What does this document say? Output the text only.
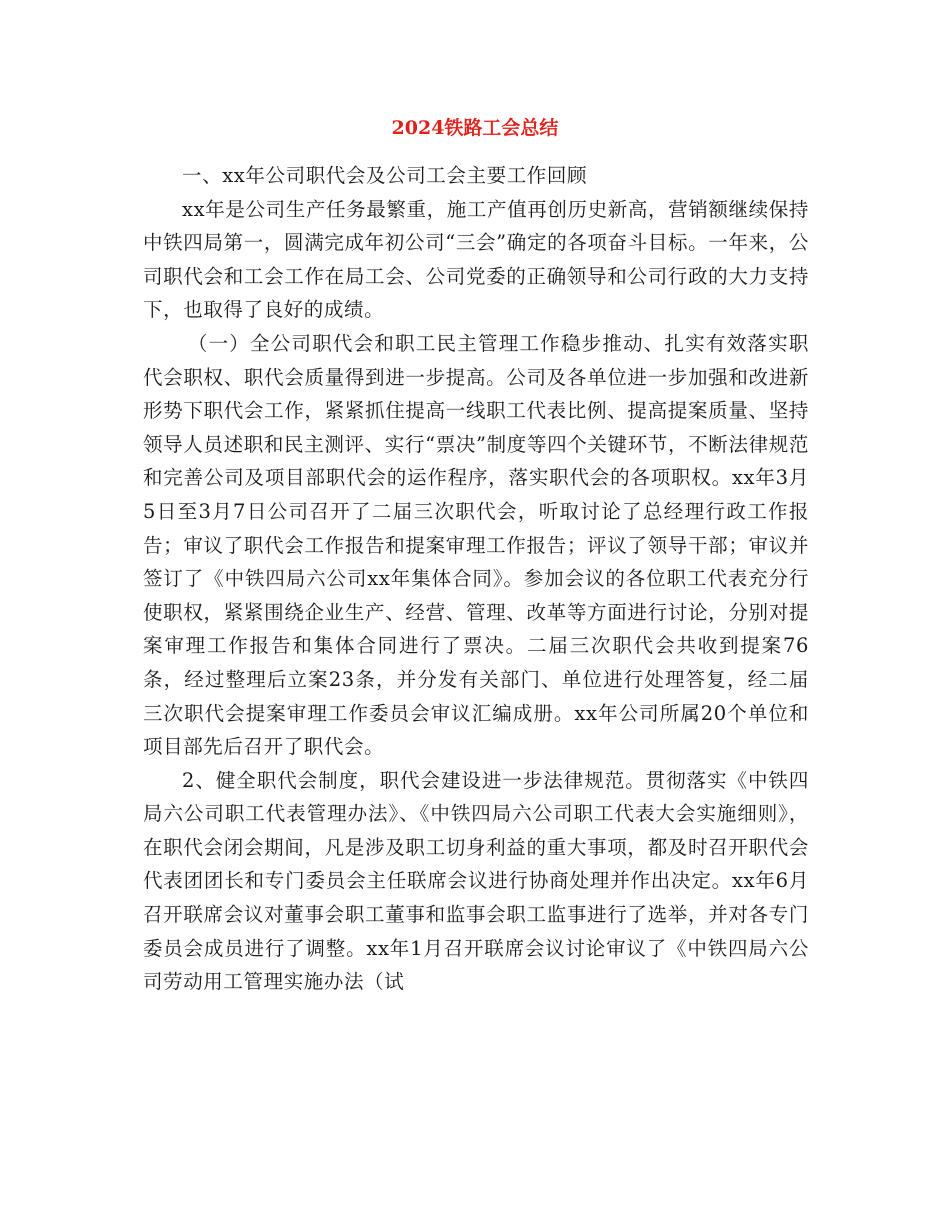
2024铁路工会总结

一、xx年公司职代会及公司工会主要工作回顾

xx年是公司生产任务最繁重，施工产值再创历史新高，营销额继续保持中铁四局第一，圆满完成年初公司“三会”确定的各项奋斗目标。一年来，公司职代会和工会工作在局工会、公司党委的正确领导和公司行政的大力支持下，也取得了良好的成绩。

（一）全公司职代会和职工民主管理工作稳步推动、扎实有效落实职代会职权、职代会质量得到进一步提高。公司及各单位进一步加强和改进新形势下职代会工作，紧紧抓住提高一线职工代表比例、提高提案质量、坚持领导人员述职和民主测评、实行“票决”制度等四个关键环节，不断法律规范和完善公司及项目部职代会的运作程序，落实职代会的各项职权。xx年3月5日至3月7日公司召开了二届三次职代会，听取讨论了总经理行政工作报告；审议了职代会工作报告和提案审理工作报告；评议了领导干部；审议并签订了《中铁四局六公司xx年集体合同》。参加会议的各位职工代表充分行使职权，紧紧围绕企业生产、经营、管理、改革等方面进行讨论，分别对提案审理工作报告和集体合同进行了票决。二届三次职代会共收到提案76条，经过整理后立案23条，并分发有关部门、单位进行处理答复，经二届三次职代会提案审理工作委员会审议汇编成册。xx年公司所属20个单位和项目部先后召开了职代会。

2、健全职代会制度，职代会建设进一步法律规范。贯彻落实《中铁四局六公司职工代表管理办法》、《中铁四局六公司职工代表大会实施细则》，在职代会闭会期间，凡是涉及职工切身利益的重大事项，都及时召开职代会代表团团长和专门委员会主任联席会议进行协商处理并作出决定。xx年6月召开联席会议对董事会职工董事和监事会职工监事进行了选举，并对各专门委员会成员进行了调整。xx年1月召开联席会议讨论审议了《中铁四局六公司劳动用工管理实施办法（试
